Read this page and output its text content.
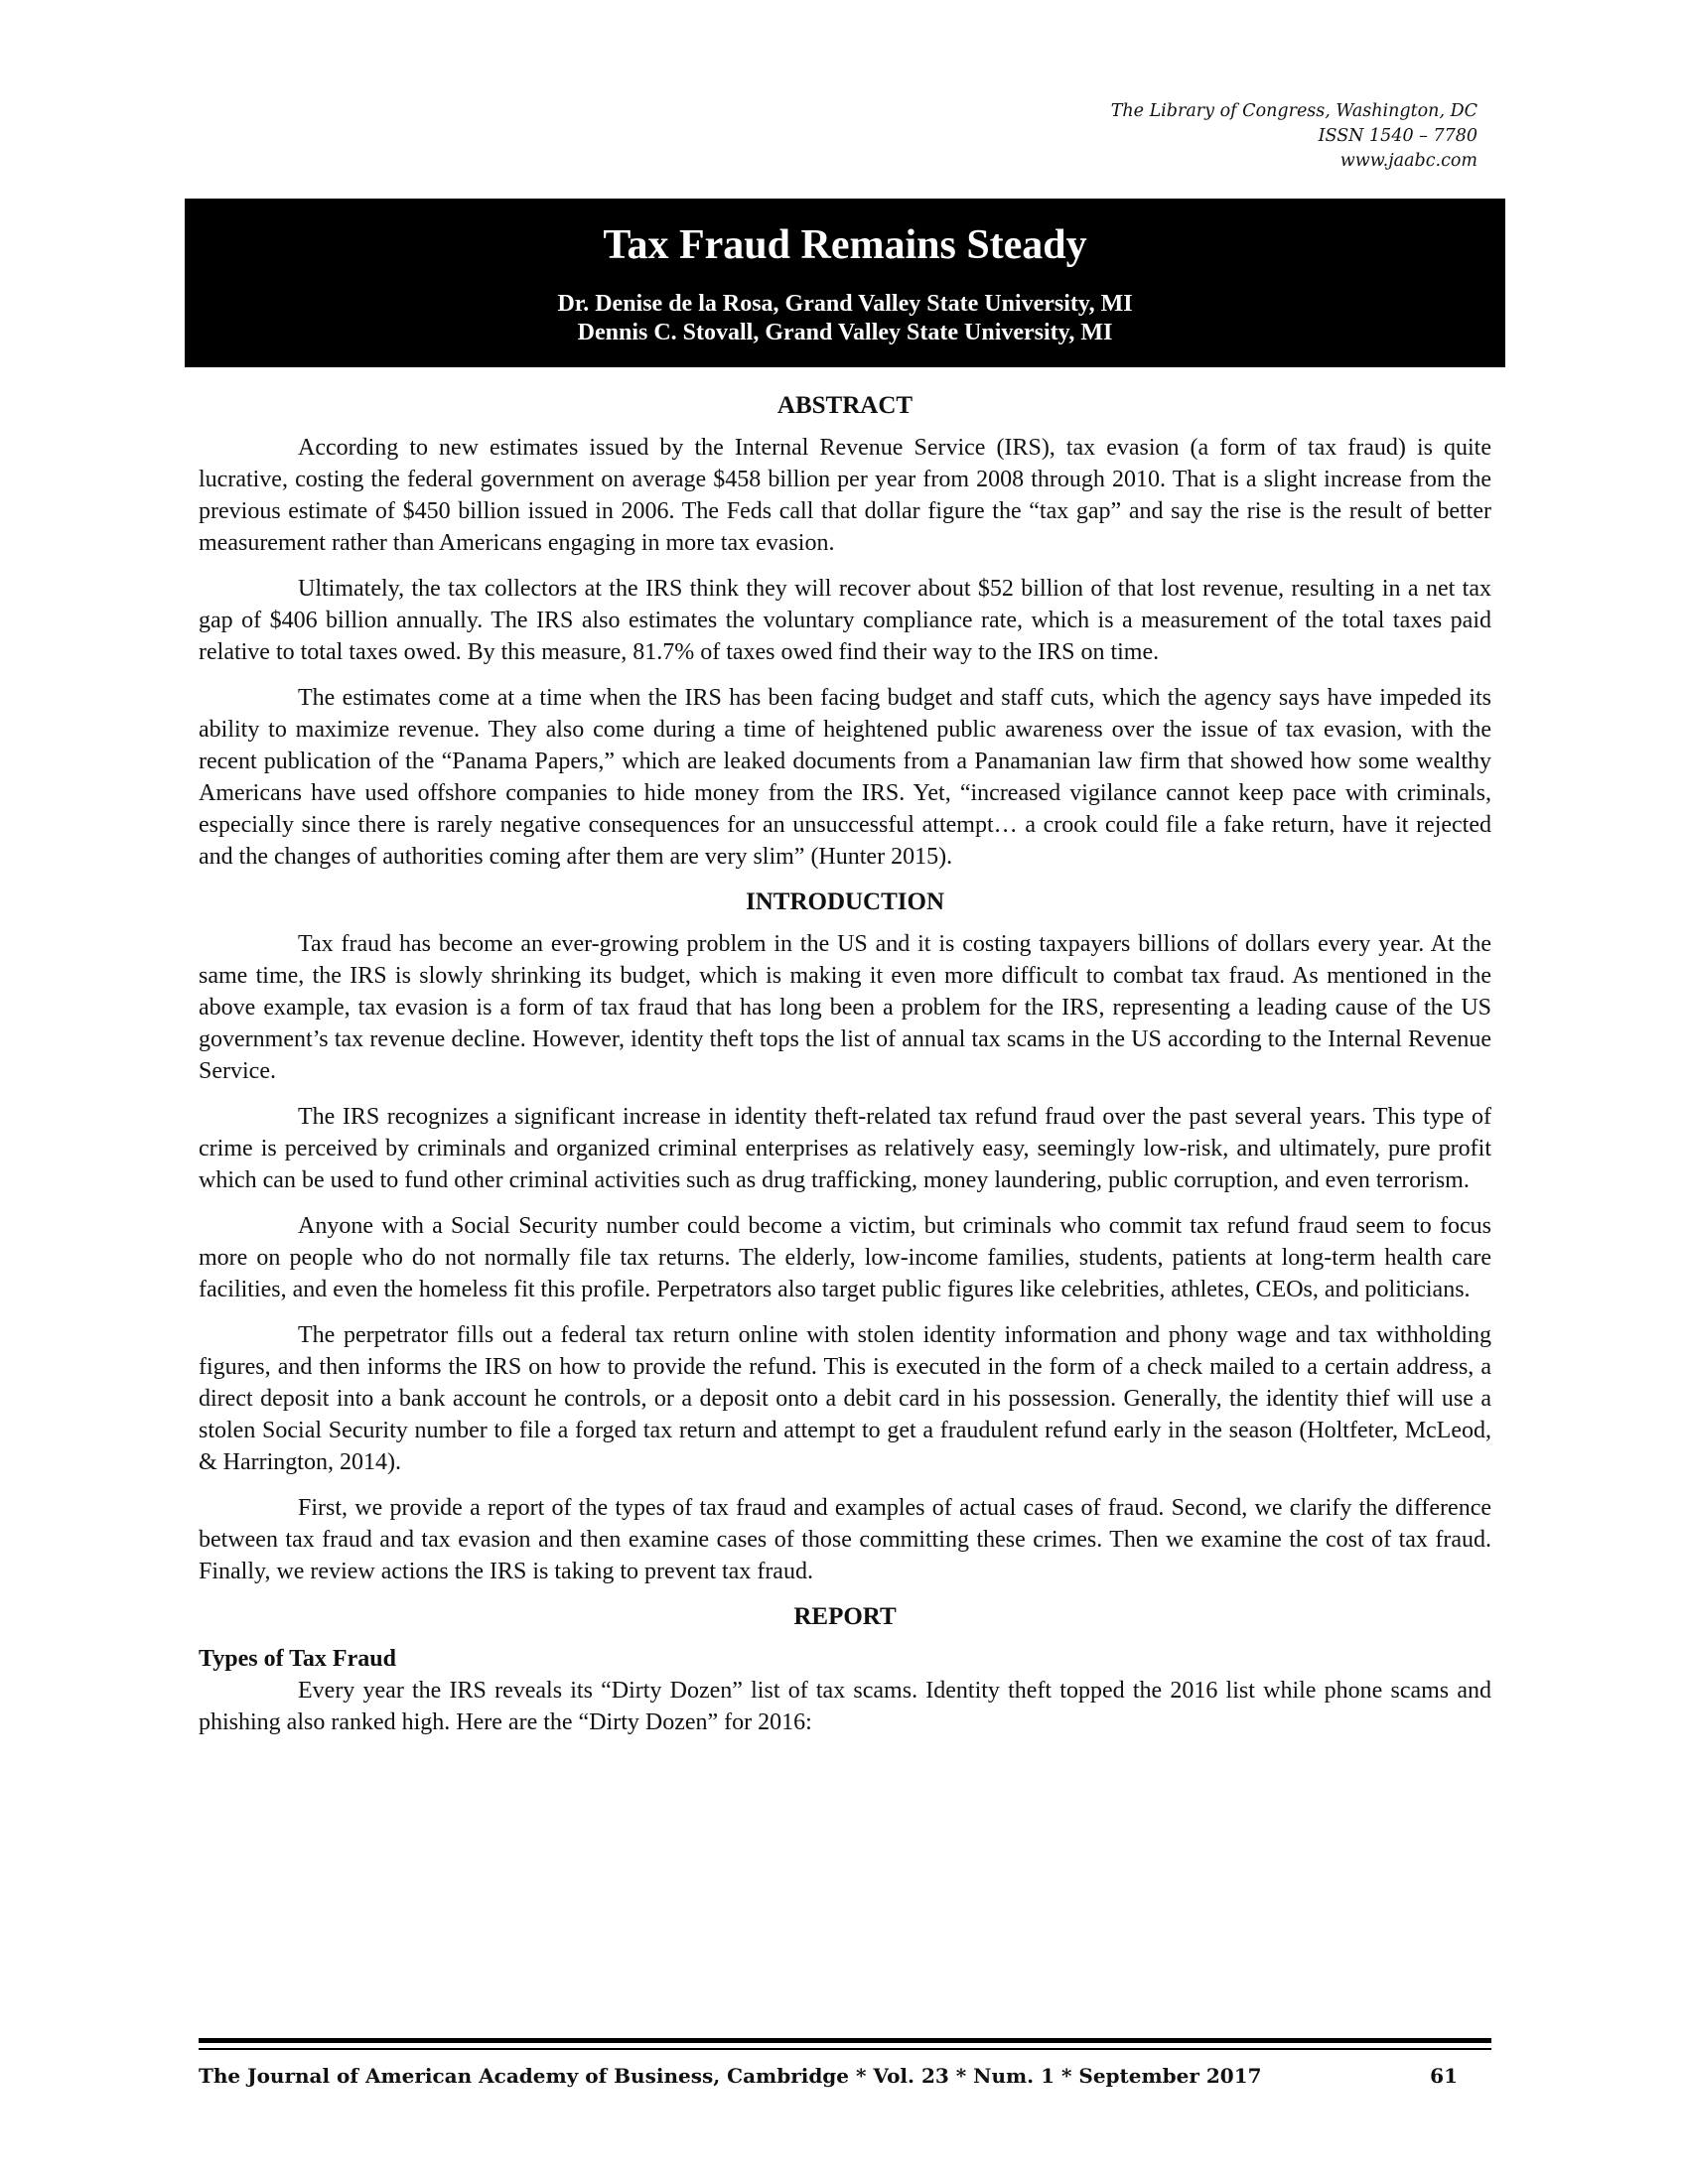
The Library of Congress, Washington, DC
ISSN 1540 – 7780
www.jaabc.com
Tax Fraud Remains Steady
Dr. Denise de la Rosa, Grand Valley State University, MI
Dennis C. Stovall, Grand Valley State University, MI
ABSTRACT

According to new estimates issued by the Internal Revenue Service (IRS), tax evasion (a form of tax fraud) is quite lucrative, costing the federal government on average $458 billion per year from 2008 through 2010. That is a slight increase from the previous estimate of $450 billion issued in 2006. The Feds call that dollar figure the “tax gap” and say the rise is the result of better measurement rather than Americans engaging in more tax evasion.

Ultimately, the tax collectors at the IRS think they will recover about $52 billion of that lost revenue, resulting in a net tax gap of $406 billion annually. The IRS also estimates the voluntary compliance rate, which is a measurement of the total taxes paid relative to total taxes owed. By this measure, 81.7% of taxes owed find their way to the IRS on time.

The estimates come at a time when the IRS has been facing budget and staff cuts, which the agency says have impeded its ability to maximize revenue. They also come during a time of heightened public awareness over the issue of tax evasion, with the recent publication of the “Panama Papers,” which are leaked documents from a Panamanian law firm that showed how some wealthy Americans have used offshore companies to hide money from the IRS. Yet, “increased vigilance cannot keep pace with criminals, especially since there is rarely negative consequences for an unsuccessful attempt… a crook could file a fake return, have it rejected and the changes of authorities coming after them are very slim” (Hunter 2015).

INTRODUCTION

Tax fraud has become an ever-growing problem in the US and it is costing taxpayers billions of dollars every year. At the same time, the IRS is slowly shrinking its budget, which is making it even more difficult to combat tax fraud. As mentioned in the above example, tax evasion is a form of tax fraud that has long been a problem for the IRS, representing a leading cause of the US government’s tax revenue decline. However, identity theft tops the list of annual tax scams in the US according to the Internal Revenue Service.

The IRS recognizes a significant increase in identity theft-related tax refund fraud over the past several years. This type of crime is perceived by criminals and organized criminal enterprises as relatively easy, seemingly low-risk, and ultimately, pure profit which can be used to fund other criminal activities such as drug trafficking, money laundering, public corruption, and even terrorism.

Anyone with a Social Security number could become a victim, but criminals who commit tax refund fraud seem to focus more on people who do not normally file tax returns. The elderly, low-income families, students, patients at long-term health care facilities, and even the homeless fit this profile. Perpetrators also target public figures like celebrities, athletes, CEOs, and politicians.

The perpetrator fills out a federal tax return online with stolen identity information and phony wage and tax withholding figures, and then informs the IRS on how to provide the refund. This is executed in the form of a check mailed to a certain address, a direct deposit into a bank account he controls, or a deposit onto a debit card in his possession. Generally, the identity thief will use a stolen Social Security number to file a forged tax return and attempt to get a fraudulent refund early in the season (Holtfeter, McLeod, & Harrington, 2014).

First, we provide a report of the types of tax fraud and examples of actual cases of fraud. Second, we clarify the difference between tax fraud and tax evasion and then examine cases of those committing these crimes. Then we examine the cost of tax fraud. Finally, we review actions the IRS is taking to prevent tax fraud.

REPORT
Types of Tax Fraud

Every year the IRS reveals its “Dirty Dozen” list of tax scams. Identity theft topped the 2016 list while phone scams and phishing also ranked high. Here are the “Dirty Dozen” for 2016:

The Journal of American Academy of Business, Cambridge * Vol. 23 * Num. 1 * September 2017	61
